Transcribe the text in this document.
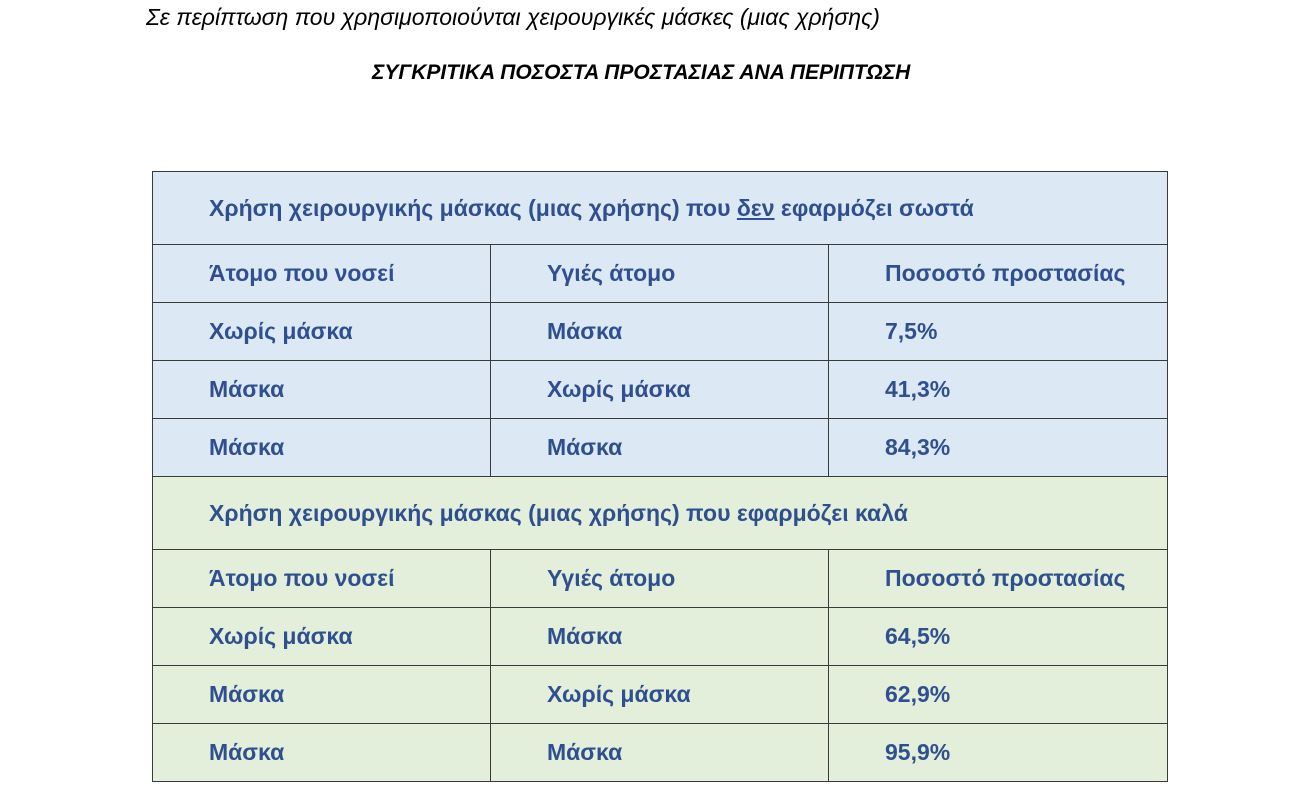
Σε περίπτωση που χρησιμοποιούνται χειρουργικές μάσκες (μιας χρήσης)
ΣΥΓΚΡΙΤΙΚΑ ΠΟΣΟΣΤΑ ΠΡΟΣΤΑΣΙΑΣ ΑΝΑ ΠΕΡΙΠΤΩΣΗ
Χρήση χειρουργικής μάσκας (μιας χρήσης) που δεν εφαρμόζει σωστά		
Άτομο που νοσεί	Υγιές άτομο	Ποσοστό προστασίας
Χωρίς μάσκα	Μάσκα	7,5%
Μάσκα	Χωρίς μάσκα	41,3%
Μάσκα	Μάσκα	84,3%
Χρήση χειρουργικής μάσκας (μιας χρήσης) που εφαρμόζει καλά		
Άτομο που νοσεί	Υγιές άτομο	Ποσοστό προστασίας
Χωρίς μάσκα	Μάσκα	64,5%
Μάσκα	Χωρίς μάσκα	62,9%
Μάσκα	Μάσκα	95,9%
